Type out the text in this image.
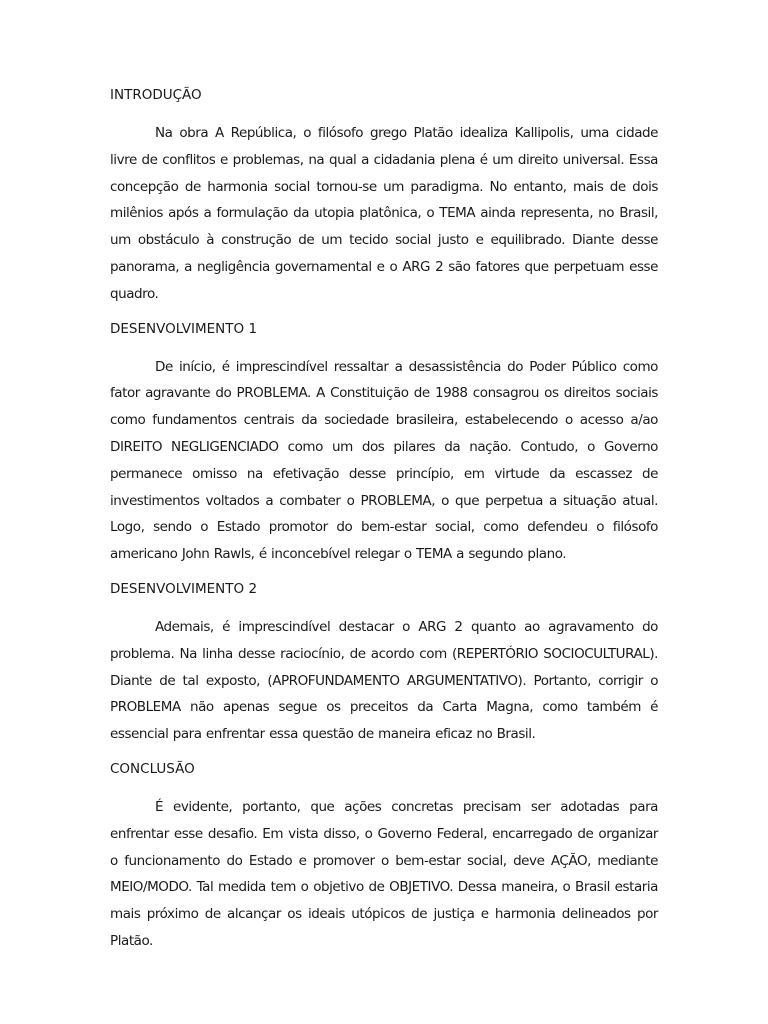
INTRODUÇÃO

Na obra A República, o filósofo grego Platão idealiza Kallipolis, uma cidade livre de conflitos e problemas, na qual a cidadania plena é um direito universal. Essa concepção de harmonia social tornou-se um paradigma. No entanto, mais de dois milênios após a formulação da utopia platônica, o TEMA ainda representa, no Brasil, um obstáculo à construção de um tecido social justo e equilibrado. Diante desse panorama, a negligência governamental e o ARG 2 são fatores que perpetuam esse quadro.

DESENVOLVIMENTO 1

De início, é imprescindível ressaltar a desassistência do Poder Público como fator agravante do PROBLEMA. A Constituição de 1988 consagrou os direitos sociais como fundamentos centrais da sociedade brasileira, estabelecendo o acesso a/ao DIREITO NEGLIGENCIADO como um dos pilares da nação. Contudo, o Governo permanece omisso na efetivação desse princípio, em virtude da escassez de investimentos voltados a combater o PROBLEMA, o que perpetua a situação atual. Logo, sendo o Estado promotor do bem-estar social, como defendeu o filósofo americano John Rawls, é inconcebível relegar o TEMA a segundo plano.

DESENVOLVIMENTO 2

Ademais, é imprescindível destacar o ARG 2 quanto ao agravamento do problema. Na linha desse raciocínio, de acordo com (REPERTÓRIO SOCIOCULTURAL). Diante de tal exposto, (APROFUNDAMENTO ARGUMENTATIVO). Portanto, corrigir o PROBLEMA não apenas segue os preceitos da Carta Magna, como também é essencial para enfrentar essa questão de maneira eficaz no Brasil.

CONCLUSÃO

É evidente, portanto, que ações concretas precisam ser adotadas para enfrentar esse desafio. Em vista disso, o Governo Federal, encarregado de organizar o funcionamento do Estado e promover o bem-estar social, deve AÇÃO, mediante MEIO/MODO. Tal medida tem o objetivo de OBJETIVO. Dessa maneira, o Brasil estaria mais próximo de alcançar os ideais utópicos de justiça e harmonia delineados por Platão.
